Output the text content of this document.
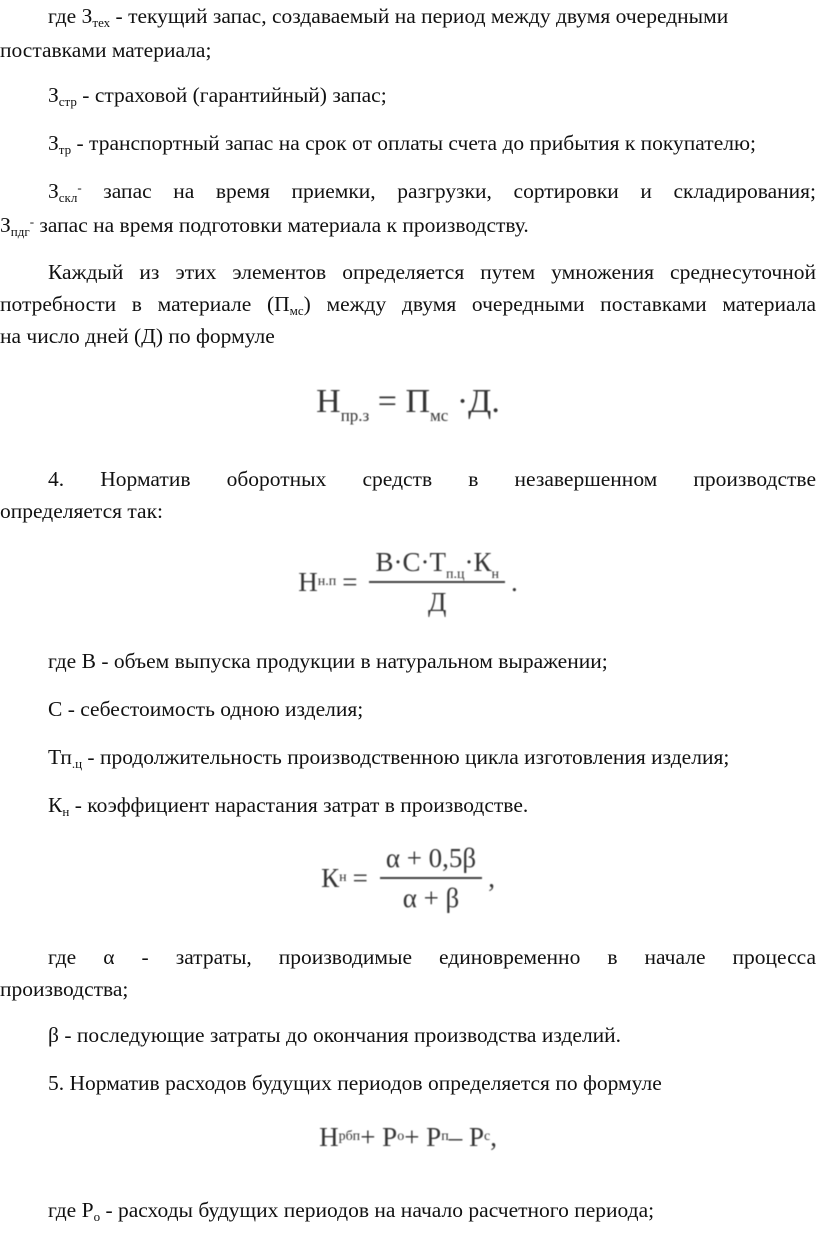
где $З_{тех}$ - текущий запас, создаваемый на период между двумя очередными

поставками материала;

$З_{стр}$ - страховой (гарантийный) запас;

$З_{тр}$ - транспортный запас на срок от оплаты счета до прибытия к покупателю;

$З_{скл}^-$ запас на время приемки, разгрузки, сортировки и складирования;

$З_{пдг}^-$ запас на время подготовки материала к производству.

Каждый из этих элементов определяется путем умножения среднесуточной

потребности в материале $(П_{мс})$ между двумя очередными поставками материала

на число дней (Д) по формуле

$Н_{пр.з} = П_{мс} \cdot Д$.

4. Норматив оборотных средств в незавершенном производстве

определяется так:

Н $н.п = \frac{В\cdot С\cdot Т_{п.ц}\cdot К_н}{Д}$ .

где В - объем выпуска продукции в натуральном выражении;

С - себестоимость одною изделия;

$Тп_{.ц}$ - продолжительность производственною цикла изготовления изделия;

$К_н$ - коэффициент нарастания затрат в производстве.

К $н = \frac{\alpha + 0,5\beta}{\alpha + \beta}$ ,

где α - затраты, производимые единовременно в начале процесса

производства;

β - последующие затраты до окончания производства изделий.

5. Норматив расходов будущих периодов определяется по формуле

Н рбп + Р о + Р п – Р с ,

где $Р_о$ - расходы будущих периодов на начало расчетного периода;
